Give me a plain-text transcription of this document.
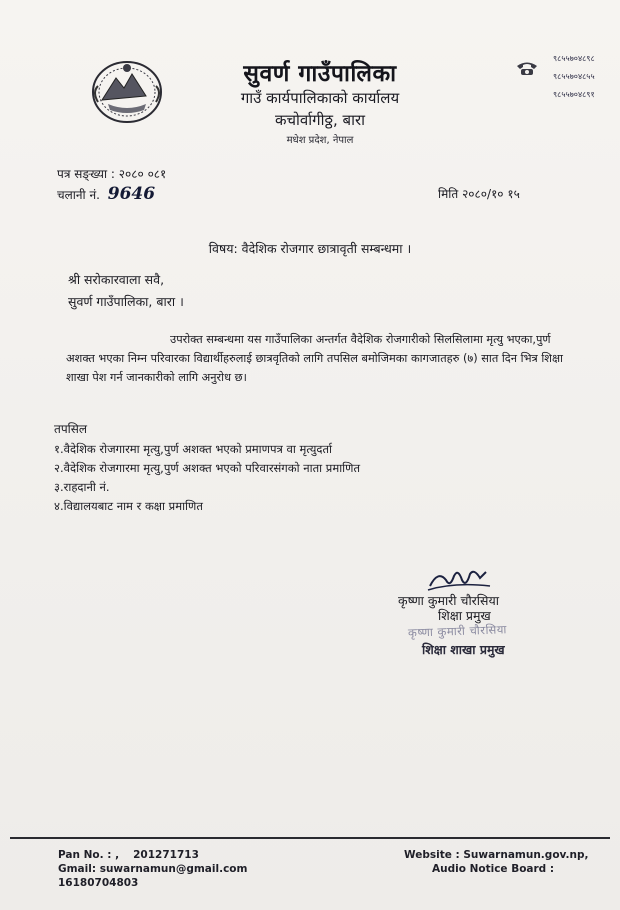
सुवर्ण गाउँपालिका
गाउँ कार्यपालिकाको कार्यालय
कचोर्वागीठ्ठ, बारा
मधेश प्रदेश, नेपाल
९८५५७०४८९८
९८५५७०४८५५
९८५५७०४८९१
पत्र सङ्ख्या : २०८० ०८१
चलानी नं. 9646	मिति २०८०/१० १५
विषय: वैदेशिक रोजगार छात्रावृती सम्बन्धमा ।
श्री सरोकारवाला सवै,
सुवर्ण गाउँपालिका, बारा ।
उपरोक्त सम्बन्धमा यस गाउँपालिका अन्तर्गत वैदेशिक रोजगारीको सिलसिलामा मृत्यु भएका,पुर्ण अशक्त भएका निम्न परिवारका विद्यार्थीहरुलाई छात्रवृतिको लागि तपसिल बमोजिमका कागजातहरु (७) सात दिन भित्र शिक्षा शाखा पेश गर्न जानकारीको लागि अनुरोध छ।
तपसिल
१.वैदेशिक रोजगारमा मृत्यु,पुर्ण अशक्त भएको प्रमाणपत्र वा मृत्युदर्ता
२.वैदेशिक रोजगारमा मृत्यु,पुर्ण अशक्त भएको परिवारसंगको नाता प्रमाणित
३.राहदानी नं.
४.विद्यालयबाट नाम र कक्षा प्रमाणित
कृष्णा कुमारी चौरसिया
शिक्षा प्रमुख
कृष्णा कुमारी चौरसिया
शिक्षा शाखा प्रमुख
Pan No. : , 201271713
Gmail: suwarnamun@gmail.com
16180704803
Website : Suwarnamun.gov.np,
Audio Notice Board :
